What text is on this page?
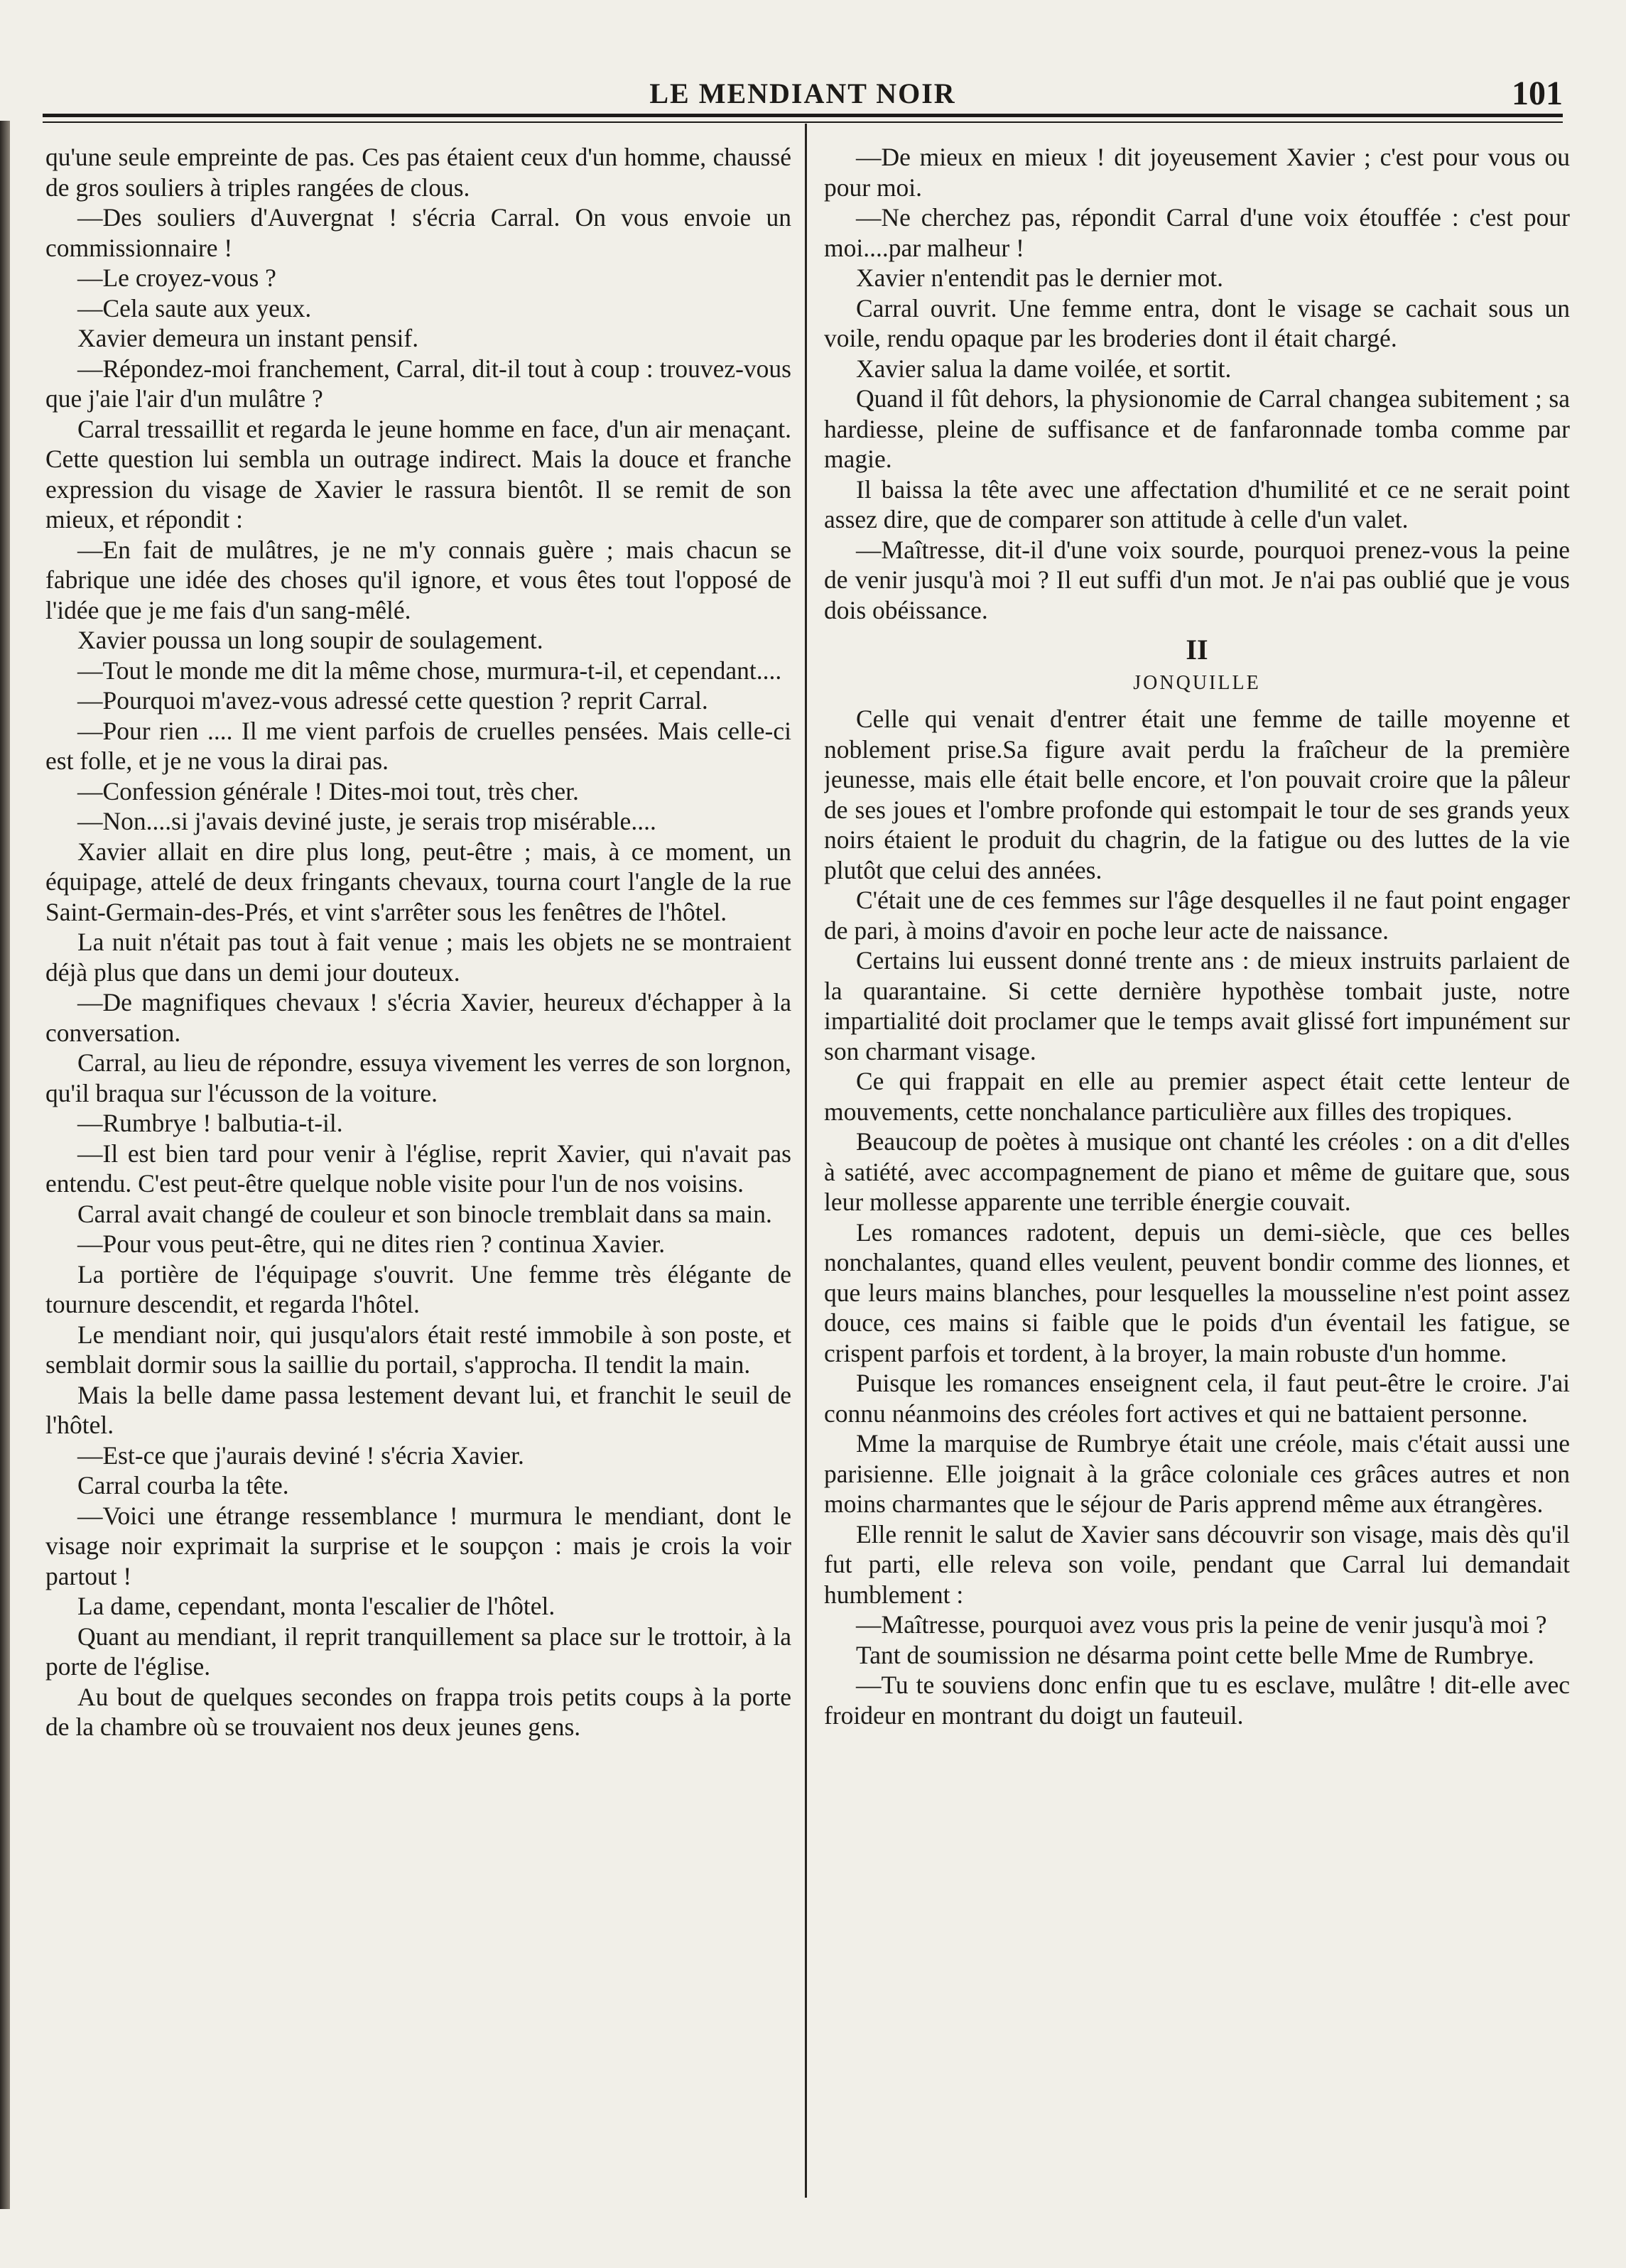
LE MENDIANT NOIR	101

qu'une seule empreinte de pas. Ces pas étaient ceux d'un homme, chaussé de gros souliers à triples rangées de clous.

—Des souliers d'Auvergnat ! s'écria Carral. On vous envoie un commissionnaire !

—Le croyez-vous ?

—Cela saute aux yeux.

Xavier demeura un instant pensif.

—Répondez-moi franchement, Carral, dit-il tout à coup : trouvez-vous que j'aie l'air d'un mulâtre ?

Carral tressaillit et regarda le jeune homme en face, d'un air menaçant. Cette question lui sembla un outrage indirect. Mais la douce et franche expression du visage de Xavier le rassura bientôt. Il se remit de son mieux, et répondit :

—En fait de mulâtres, je ne m'y connais guère ; mais chacun se fabrique une idée des choses qu'il ignore, et vous êtes tout l'opposé de l'idée que je me fais d'un sang-mêlé.

Xavier poussa un long soupir de soulagement.

—Tout le monde me dit la même chose, murmura-t-il, et cependant....

—Pourquoi m'avez-vous adressé cette question ? reprit Carral.

—Pour rien .... Il me vient parfois de cruelles pensées. Mais celle-ci est folle, et je ne vous la dirai pas.

—Confession générale ! Dites-moi tout, très cher.

—Non....si j'avais deviné juste, je serais trop misérable....

Xavier allait en dire plus long, peut-être ; mais, à ce moment, un équipage, attelé de deux fringants chevaux, tourna court l'angle de la rue Saint-Germain-des-Prés, et vint s'arrêter sous les fenêtres de l'hôtel.

La nuit n'était pas tout à fait venue ; mais les objets ne se montraient déjà plus que dans un demi jour douteux.

—De magnifiques chevaux ! s'écria Xavier, heureux d'échapper à la conversation.

Carral, au lieu de répondre, essuya vivement les verres de son lorgnon, qu'il braqua sur l'écusson de la voiture.

—Rumbrye ! balbutia-t-il.

—Il est bien tard pour venir à l'église, reprit Xavier, qui n'avait pas entendu. C'est peut-être quelque noble visite pour l'un de nos voisins.

Carral avait changé de couleur et son binocle tremblait dans sa main.

—Pour vous peut-être, qui ne dites rien ? continua Xavier.

La portière de l'équipage s'ouvrit. Une femme très élégante de tournure descendit, et regarda l'hôtel.

Le mendiant noir, qui jusqu'alors était resté immobile à son poste, et semblait dormir sous la saillie du portail, s'approcha. Il tendit la main.

Mais la belle dame passa lestement devant lui, et franchit le seuil de l'hôtel.

—Est-ce que j'aurais deviné ! s'écria Xavier.

Carral courba la tête.

—Voici une étrange ressemblance ! murmura le mendiant, dont le visage noir exprimait la surprise et le soupçon : mais je crois la voir partout !

La dame, cependant, monta l'escalier de l'hôtel.

Quant au mendiant, il reprit tranquillement sa place sur le trottoir, à la porte de l'église.

Au bout de quelques secondes on frappa trois petits coups à la porte de la chambre où se trouvaient nos deux jeunes gens.

—De mieux en mieux ! dit joyeusement Xavier ; c'est pour vous ou pour moi.

—Ne cherchez pas, répondit Carral d'une voix étouffée : c'est pour moi....par malheur !

Xavier n'entendit pas le dernier mot.

Carral ouvrit. Une femme entra, dont le visage se cachait sous un voile, rendu opaque par les broderies dont il était chargé.

Xavier salua la dame voilée, et sortit.

Quand il fût dehors, la physionomie de Carral changea subitement ; sa hardiesse, pleine de suffisance et de fanfaronnade tomba comme par magie.

Il baissa la tête avec une affectation d'humilité et ce ne serait point assez dire, que de comparer son attitude à celle d'un valet.

—Maîtresse, dit-il d'une voix sourde, pourquoi prenez-vous la peine de venir jusqu'à moi ? Il eut suffi d'un mot. Je n'ai pas oublié que je vous dois obéissance.

II
JONQUILLE

Celle qui venait d'entrer était une femme de taille moyenne et noblement prise.Sa figure avait perdu la fraîcheur de la première jeunesse, mais elle était belle encore, et l'on pouvait croire que la pâleur de ses joues et l'ombre profonde qui estompait le tour de ses grands yeux noirs étaient le produit du chagrin, de la fatigue ou des luttes de la vie plutôt que celui des années.

C'était une de ces femmes sur l'âge desquelles il ne faut point engager de pari, à moins d'avoir en poche leur acte de naissance.

Certains lui eussent donné trente ans : de mieux instruits parlaient de la quarantaine. Si cette dernière hypothèse tombait juste, notre impartialité doit proclamer que le temps avait glissé fort impunément sur son charmant visage.

Ce qui frappait en elle au premier aspect était cette lenteur de mouvements, cette nonchalance particulière aux filles des tropiques.

Beaucoup de poètes à musique ont chanté les créoles : on a dit d'elles à satiété, avec accompagnement de piano et même de guitare que, sous leur mollesse apparente une terrible énergie couvait.

Les romances radotent, depuis un demi-siècle, que ces belles nonchalantes, quand elles veulent, peuvent bondir comme des lionnes, et que leurs mains blanches, pour lesquelles la mousseline n'est point assez douce, ces mains si faible que le poids d'un éventail les fatigue, se crispent parfois et tordent, à la broyer, la main robuste d'un homme.

Puisque les romances enseignent cela, il faut peut-être le croire. J'ai connu néanmoins des créoles fort actives et qui ne battaient personne.

Mme la marquise de Rumbrye était une créole, mais c'était aussi une parisienne. Elle joignait à la grâce coloniale ces grâces autres et non moins charmantes que le séjour de Paris apprend même aux étrangères.

Elle rennit le salut de Xavier sans découvrir son visage, mais dès qu'il fut parti, elle releva son voile, pendant que Carral lui demandait humblement :

—Maîtresse, pourquoi avez vous pris la peine de venir jusqu'à moi ?

Tant de soumission ne désarma point cette belle Mme de Rumbrye.

—Tu te souviens donc enfin que tu es esclave, mulâtre ! dit-elle avec froideur en montrant du doigt un fauteuil.
